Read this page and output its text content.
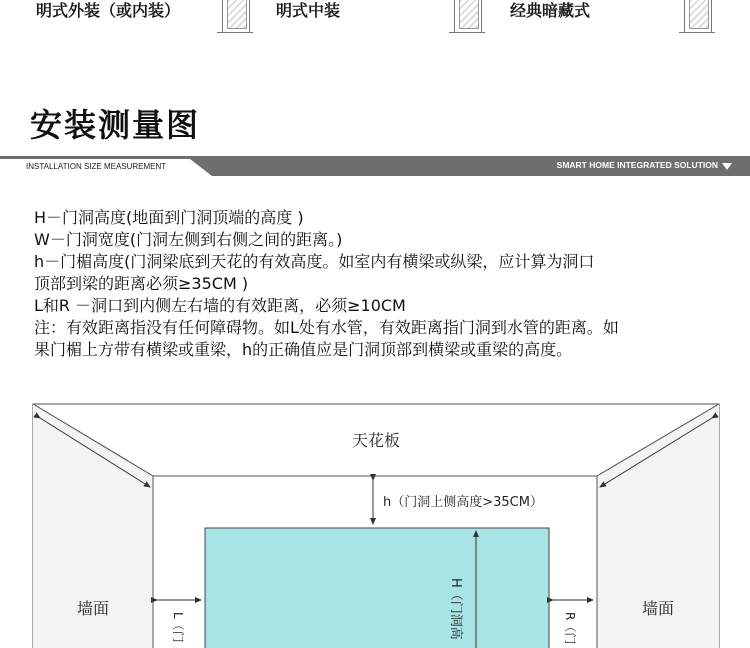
明式外装（或内装）	明式中装	经典暗藏式
安装测量图
INSTALLATION SIZE MEASUREMENT	SMART HOME INTEGRATED SOLUTION
H－门洞高度(地面到门洞顶端的高度 )
W－门洞宽度(门洞左侧到右侧之间的距离。)
h－门楣高度(门洞梁底到天花的有效高度。如室内有横梁或纵梁，应计算为洞口
顶部到梁的距离必须≥35CM )
L和R －洞口到内侧左右墙的有效距离，必须≥10CM
注：有效距离指没有任何障碍物。如L处有水管，有效距离指门洞到水管的距离。如
果门楣上方带有横梁或重梁，h的正确值应是门洞顶部到横梁或重梁的高度。
天花板
h（门洞上侧高度>35CM）
墙面	墙面
H（门洞高
L（门	R（门
